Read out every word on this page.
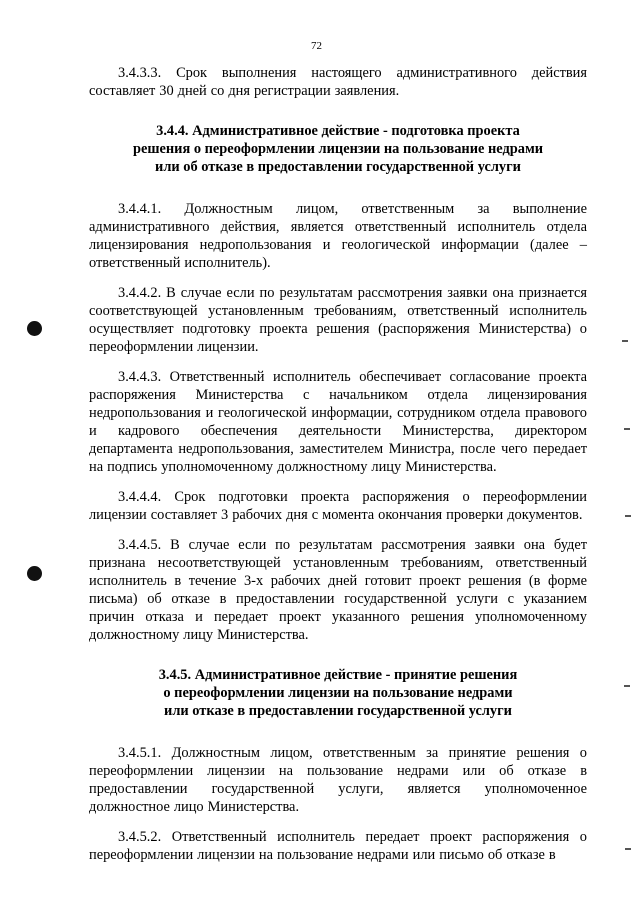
72

3.4.3.3. Срок выполнения настоящего административного действия составляет 30 дней со дня регистрации заявления.

3.4.4. Административное действие - подготовка проекта
решения о переоформлении лицензии на пользование недрами
или об отказе в предоставлении государственной услуги

3.4.4.1. Должностным лицом, ответственным за выполнение административного действия, является ответственный исполнитель отдела лицензирования недропользования и геологической информации (далее – ответственный исполнитель).

3.4.4.2. В случае если по результатам рассмотрения заявки она признается соответствующей установленным требованиям, ответственный исполнитель осуществляет подготовку проекта решения (распоряжения Министерства) о переоформлении лицензии.

3.4.4.3. Ответственный исполнитель обеспечивает согласование проекта распоряжения Министерства с начальником отдела лицензирования недропользования и геологической информации, сотрудником отдела правового и кадрового обеспечения деятельности Министерства, директором департамента недропользования, заместителем Министра, после чего передает на подпись уполномоченному должностному лицу Министерства.

3.4.4.4. Срок подготовки проекта распоряжения о переоформлении лицензии составляет 3 рабочих дня с момента окончания проверки документов.

3.4.4.5. В случае если по результатам рассмотрения заявки она будет признана несоответствующей установленным требованиям, ответственный исполнитель в течение 3-х рабочих дней готовит проект решения (в форме письма) об отказе в предоставлении государственной услуги с указанием причин отказа и передает проект указанного решения уполномоченному должностному лицу Министерства.

3.4.5. Административное действие - принятие решения
о переоформлении лицензии на пользование недрами
или отказе в предоставлении государственной услуги

3.4.5.1. Должностным лицом, ответственным за принятие решения о переоформлении лицензии на пользование недрами или об отказе в предоставлении государственной услуги, является уполномоченное должностное лицо Министерства.

3.4.5.2. Ответственный исполнитель передает проект распоряжения о переоформлении лицензии на пользование недрами или письмо об отказе в
